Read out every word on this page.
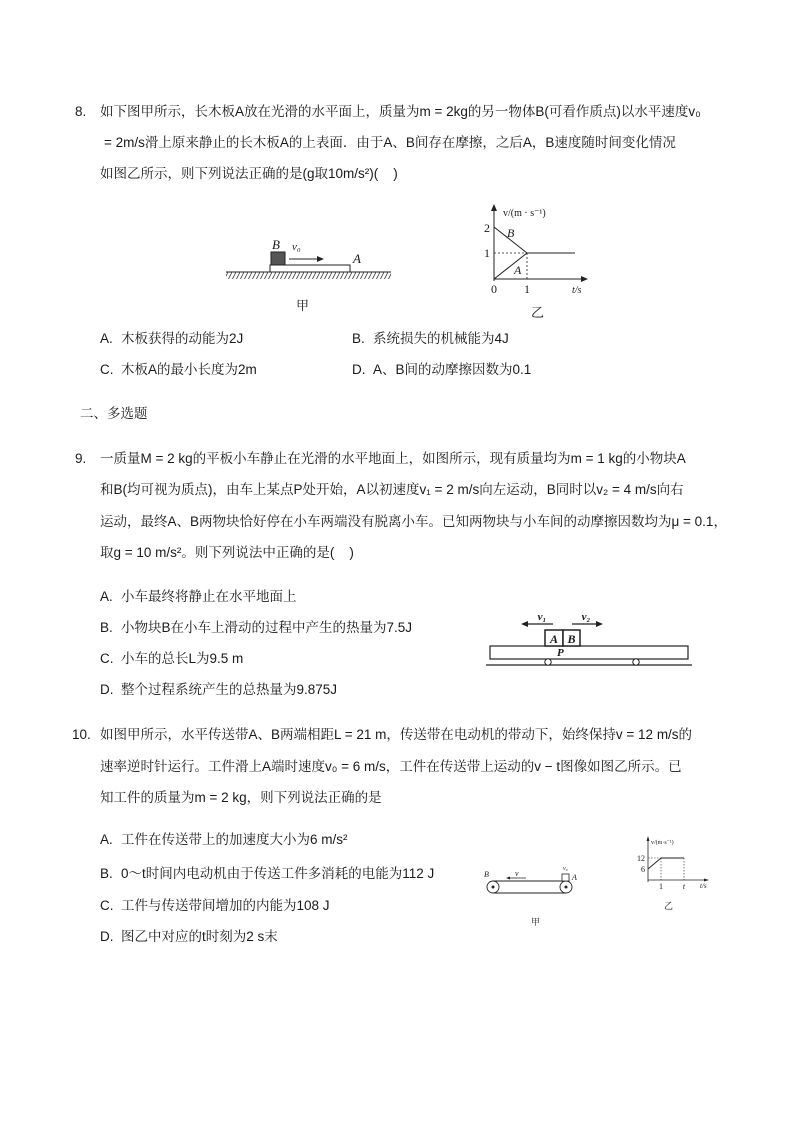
8. 如下图甲所示，长木板A放在光滑的水平面上，质量为m = 2kg的另一物体B(可看作质点)以水平速度v₀
= 2m/s滑上原来静止的长木板A的上表面．由于A、B间存在摩擦，之后A，B速度随时间变化情况
如图乙所示，则下列说法正确的是(g取10m/s²)(    )
A. 木板获得的动能为2J	B. 系统损失的机械能为4J
C. 木板A的最小长度为2m	D. A、B间的动摩擦因数为0.1
二、多选题
9. 一质量M = 2 kg的平板小车静止在光滑的水平地面上，如图所示，现有质量均为m = 1 kg的小物块A
和B(均可视为质点)，由车上某点P处开始，A以初速度v₁ = 2 m/s向左运动，B同时以v₂ = 4 m/s向右
运动，最终A、B两物块恰好停在小车两端没有脱离小车。已知两物块与小车间的动摩擦因数均为μ = 0.1，
取g = 10 m/s²。则下列说法中正确的是(    )
A. 小车最终将静止在水平地面上
B. 小物块B在小车上滑动的过程中产生的热量为7.5J
C. 小车的总长L为9.5 m
D. 整个过程系统产生的总热量为9.875J
10. 如图甲所示，水平传送带A、B两端相距L = 21 m，传送带在电动机的带动下，始终保持v = 12 m/s的
速率逆时针运行。工件滑上A端时速度v₀ = 6 m/s，工件在传送带上运动的v − t图像如图乙所示。已
知工件的质量为m = 2 kg，则下列说法正确的是
A. 工件在传送带上的加速度大小为6 m/s²
B. 0～t时间内电动机由于传送工件多消耗的电能为112 J
C. 工件与传送带间增加的内能为108 J
D. 图乙中对应的t时刻为2 s末
B v₀
A
甲
v/(m · s⁻¹)
2
1
0 1	t/s
B
A
乙
A B
P
v₁	v₂
B	v	v₀
A
甲
v/(m·s⁻¹)
12
6
1 t t/s
乙
